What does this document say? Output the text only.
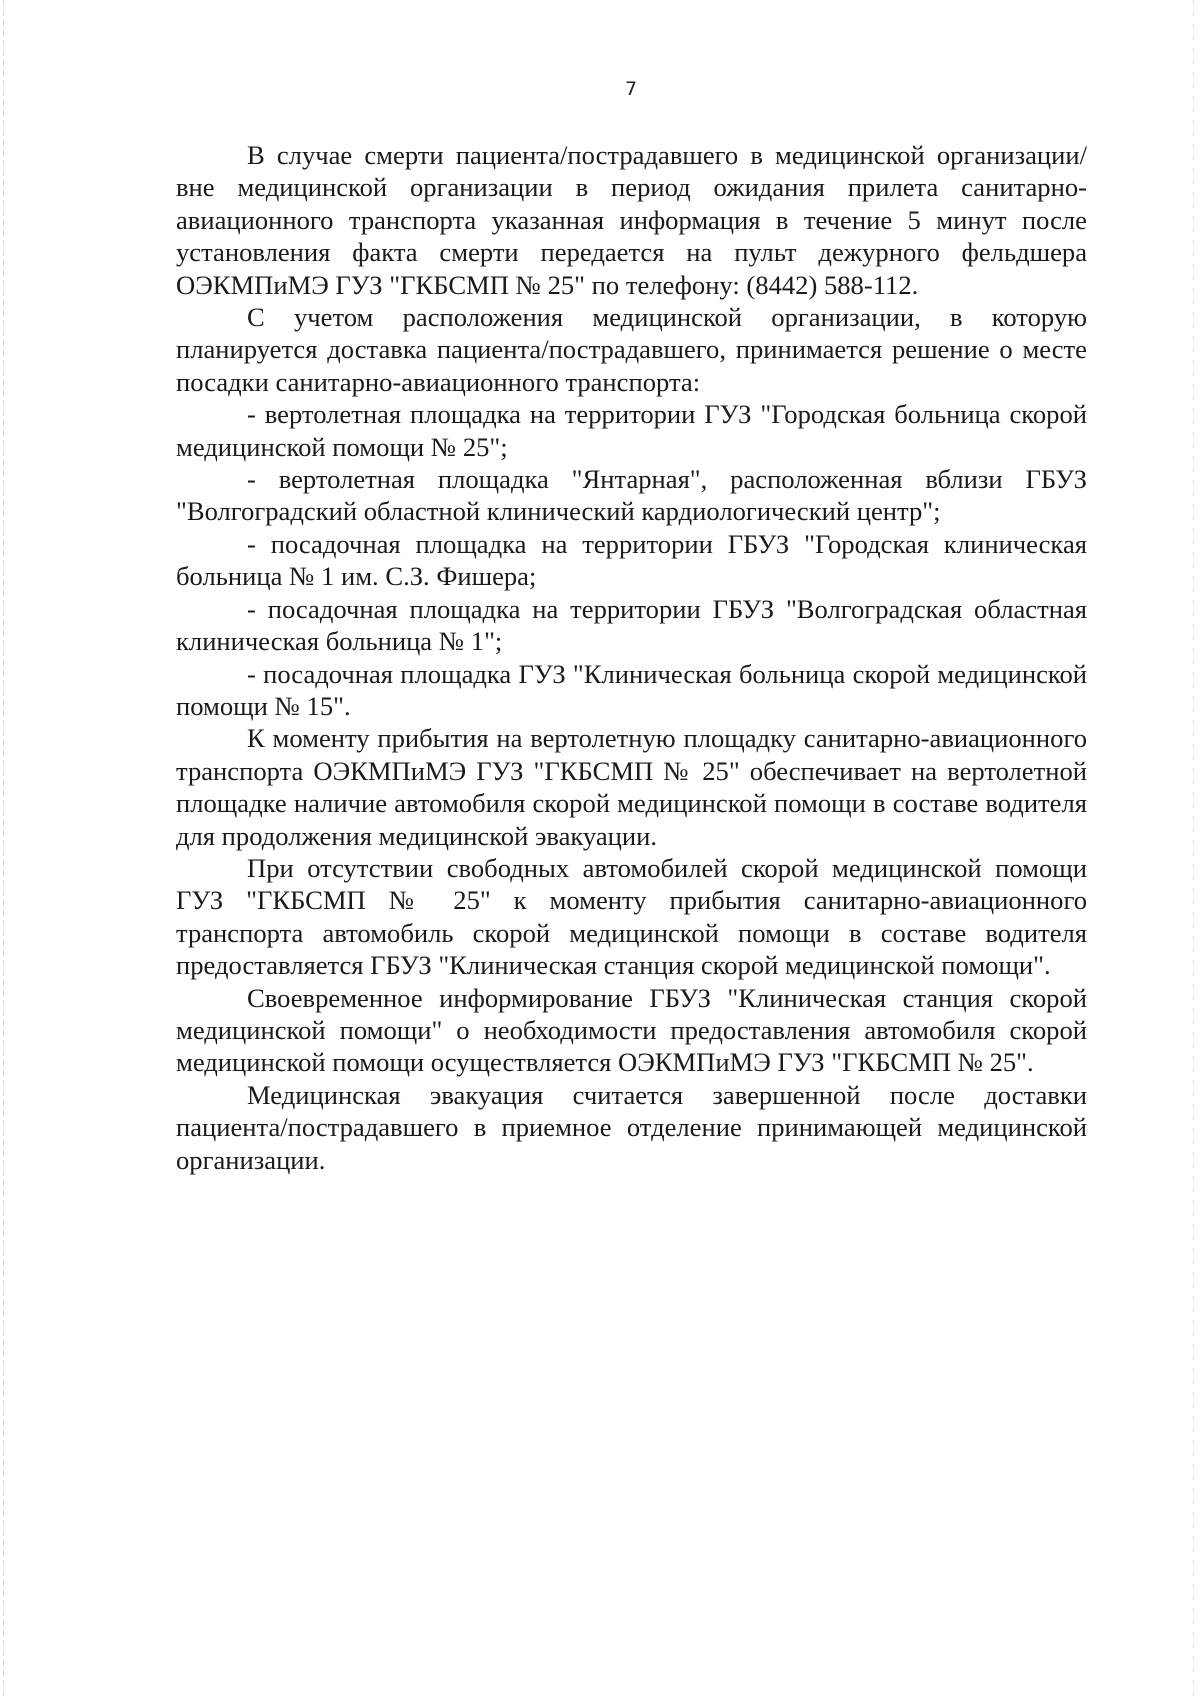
7

В случае смерти пациента/пострадавшего в медицинской организации/вне медицинской организации в период ожидания прилета санитарно-авиационного транспорта указанная информация в течение 5 минут после установления факта смерти передается на пульт дежурного фельдшера ОЭКМПиМЭ ГУЗ "ГКБСМП № 25" по телефону: (8442) 588-112.

С учетом расположения медицинской организации, в которую планируется доставка пациента/пострадавшего, принимается решение о месте посадки санитарно-авиационного транспорта:

- вертолетная площадка на территории ГУЗ "Городская больница скорой медицинской помощи № 25";

- вертолетная площадка "Янтарная", расположенная вблизи ГБУЗ "Волгоградский областной клинический кардиологический центр";

- посадочная площадка на территории ГБУЗ "Городская клиническая больница № 1 им. С.З. Фишера;

- посадочная площадка на территории ГБУЗ "Волгоградская областная клиническая больница № 1";

- посадочная площадка ГУЗ "Клиническая больница скорой медицинской помощи № 15".

К моменту прибытия на вертолетную площадку санитарно-авиационного транспорта ОЭКМПиМЭ ГУЗ "ГКБСМП № 25" обеспечивает на вертолетной площадке наличие автомобиля скорой медицинской помощи в составе водителя для продолжения медицинской эвакуации.

При отсутствии свободных автомобилей скорой медицинской помощи ГУЗ "ГКБСМП № 25" к моменту прибытия санитарно-авиационного транспорта автомобиль скорой медицинской помощи в составе водителя предоставляется ГБУЗ "Клиническая станция скорой медицинской помощи".

Своевременное информирование ГБУЗ "Клиническая станция скорой медицинской помощи" о необходимости предоставления автомобиля скорой медицинской помощи осуществляется ОЭКМПиМЭ ГУЗ "ГКБСМП № 25".

Медицинская эвакуация считается завершенной после доставки пациента/пострадавшего в приемное отделение принимающей медицинской организации.
